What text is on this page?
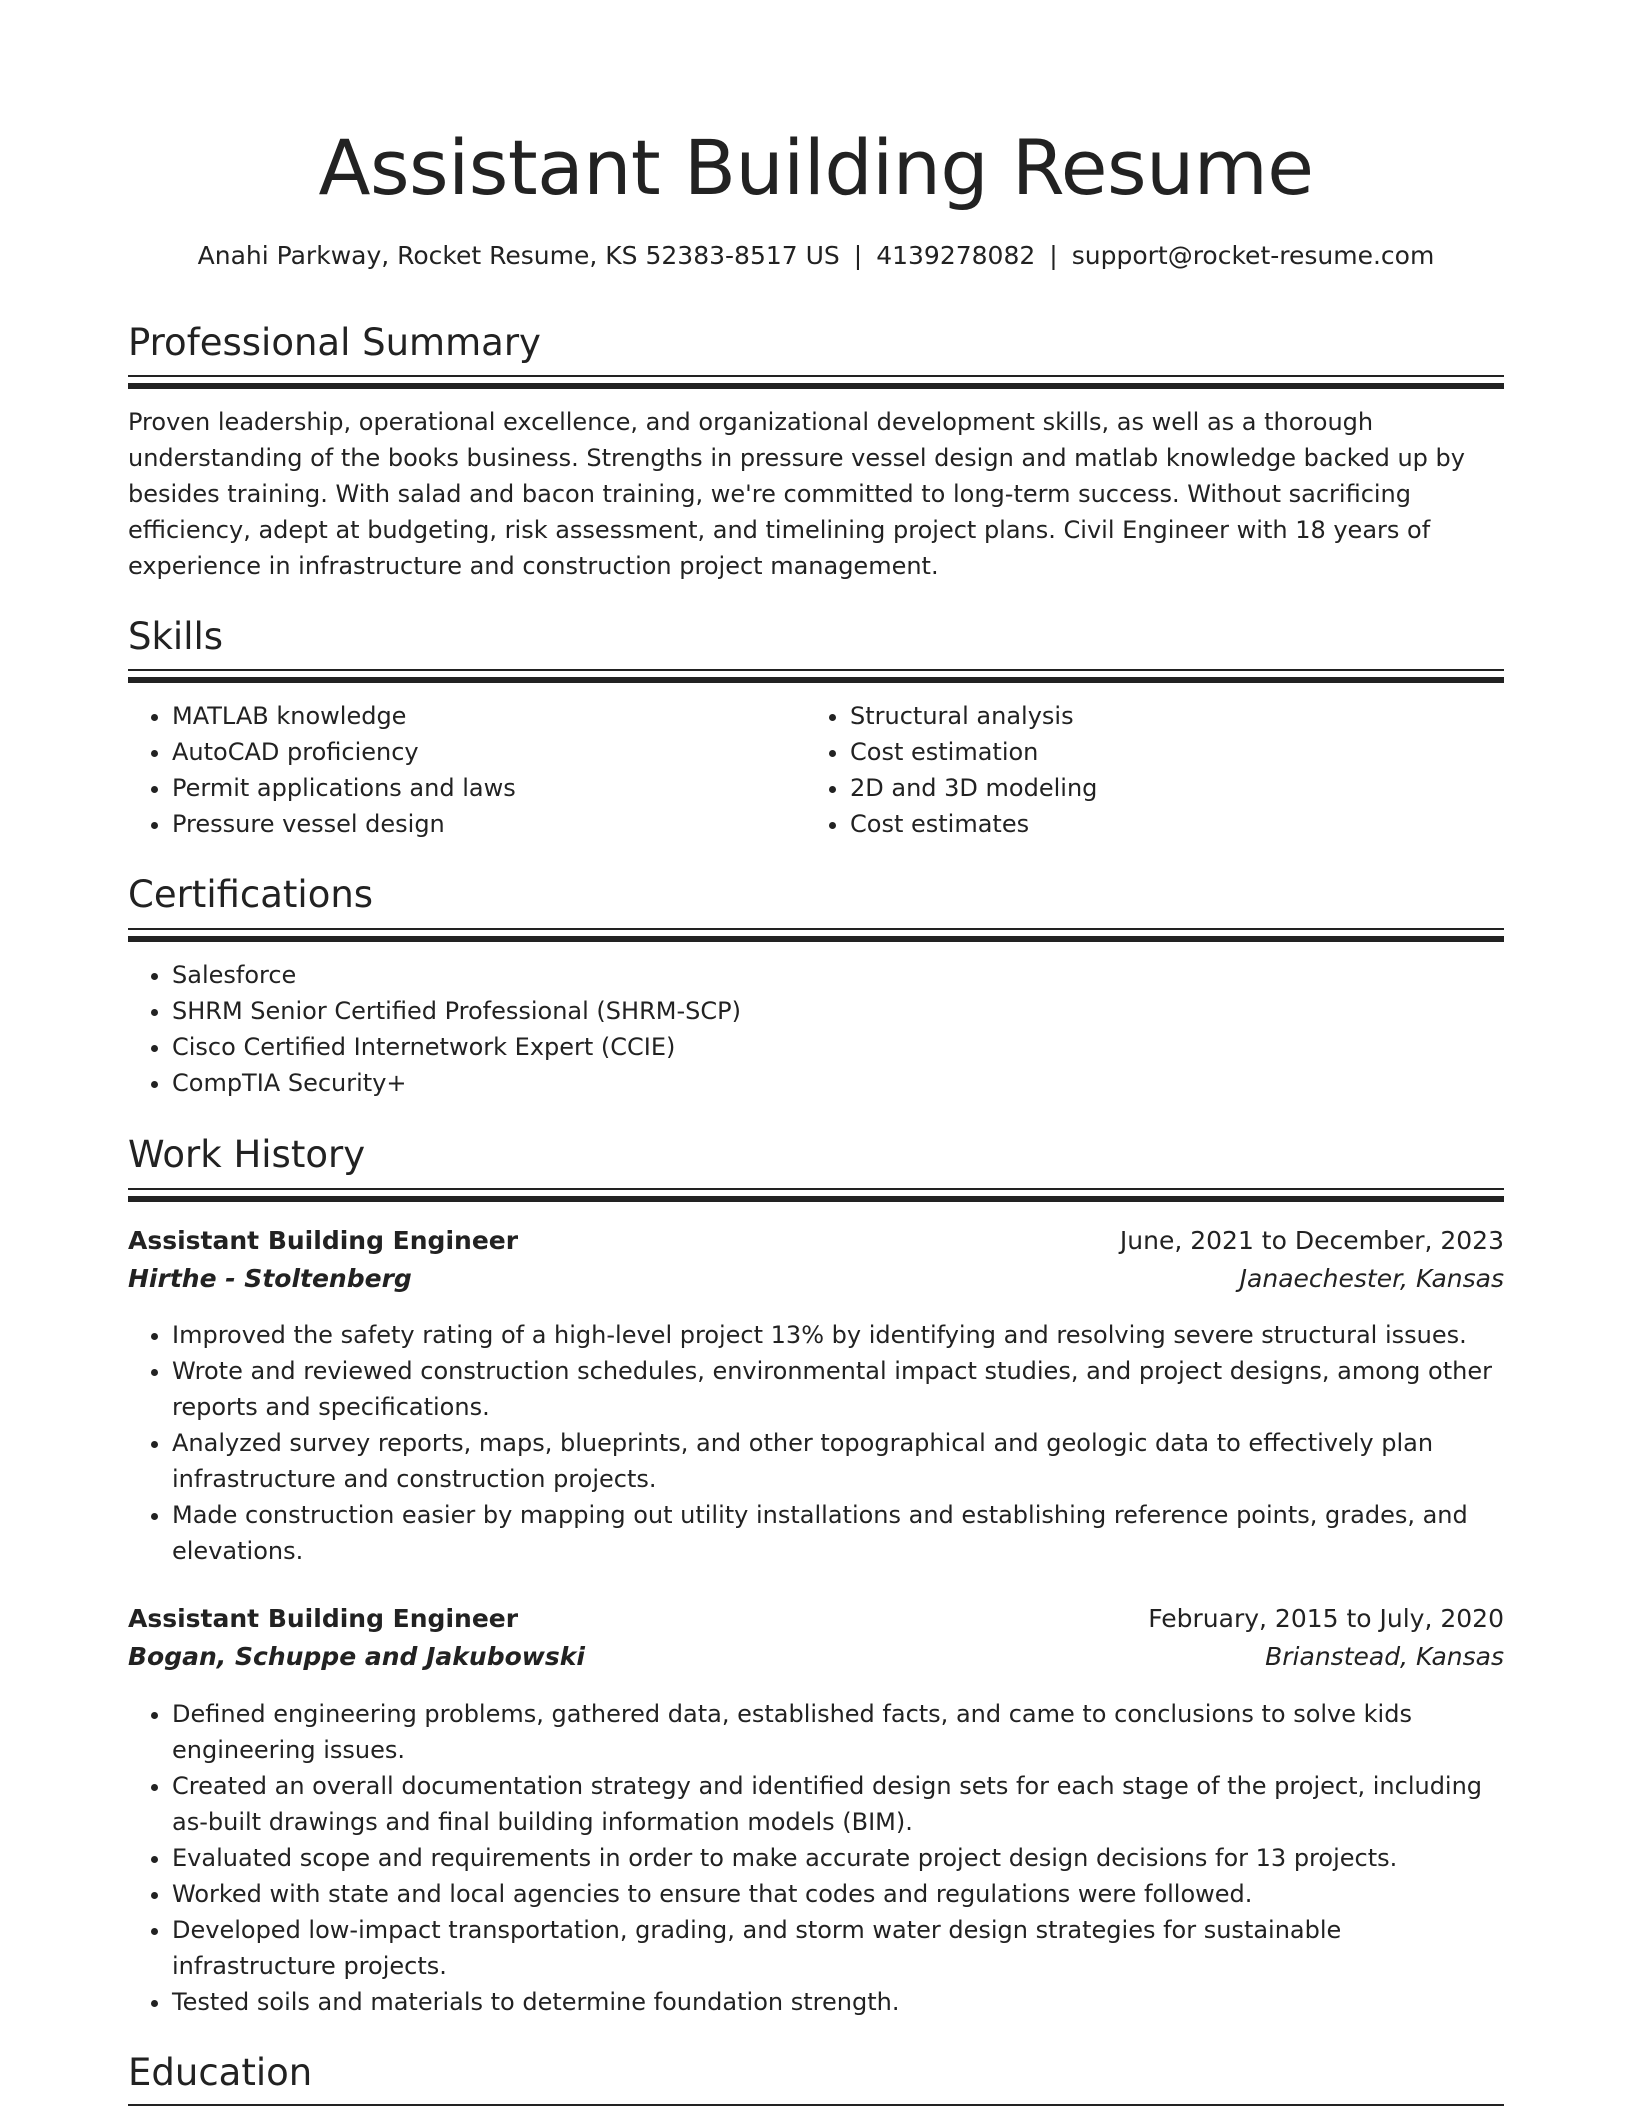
Assistant Building Resume
Anahi Parkway, Rocket Resume, KS 52383-8517 US | 4139278082 | support@rocket-resume.com
Professional Summary

Proven leadership, operational excellence, and organizational development skills, as well as a thorough understanding of the books business. Strengths in pressure vessel design and matlab knowledge backed up by besides training. With salad and bacon training, we're committed to long-term success. Without sacrificing efficiency, adept at budgeting, risk assessment, and timelining project plans. Civil Engineer with 18 years of experience in infrastructure and construction project management.

Skills
• MATLAB knowledge
• AutoCAD proficiency
• Permit applications and laws
• Pressure vessel design
• Structural analysis
• Cost estimation
• 2D and 3D modeling
• Cost estimates
Certifications
• Salesforce
• SHRM Senior Certified Professional (SHRM-SCP)
• Cisco Certified Internetwork Expert (CCIE)
• CompTIA Security+
Work History
Assistant Building Engineer	June, 2021 to December, 2023
Hirthe - Stoltenberg	Janaechester, Kansas
• Improved the safety rating of a high-level project 13% by identifying and resolving severe structural issues.
• Wrote and reviewed construction schedules, environmental impact studies, and project designs, among other reports and specifications.
• Analyzed survey reports, maps, blueprints, and other topographical and geologic data to effectively plan infrastructure and construction projects.
• Made construction easier by mapping out utility installations and establishing reference points, grades, and elevations.
Assistant Building Engineer	February, 2015 to July, 2020
Bogan, Schuppe and Jakubowski	Brianstead, Kansas
• Defined engineering problems, gathered data, established facts, and came to conclusions to solve kids engineering issues.
• Created an overall documentation strategy and identified design sets for each stage of the project, including as-built drawings and final building information models (BIM).
• Evaluated scope and requirements in order to make accurate project design decisions for 13 projects.
• Worked with state and local agencies to ensure that codes and regulations were followed.
• Developed low-impact transportation, grading, and storm water design strategies for sustainable infrastructure projects.
• Tested soils and materials to determine foundation strength.
Education
